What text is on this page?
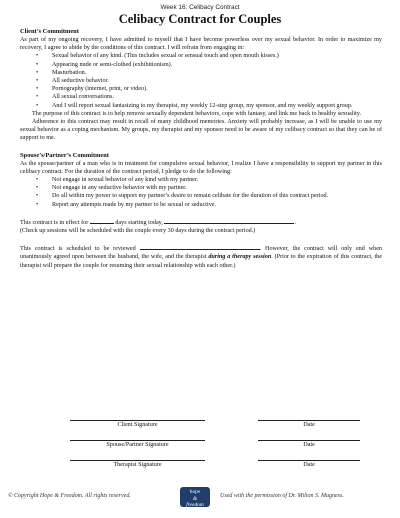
Week 16: Celibacy Contract
Celibacy Contract for Couples
Client’s Commitment

As part of my ongoing recovery, I have admitted to myself that I have become powerless over my sexual behavior. In order to maximize my recovery, I agree to abide by the conditions of this contract. I will refrain from engaging in:

• Sexual behavior of any kind. (This includes sexual or sensual touch and open mouth kisses.)
• Appearing nude or semi-clothed (exhibitionism).
• Masturbation.
• All seductive behavior.
• Pornography (internet, print, or video).
• All sexual conversations.
• And I will report sexual fantasizing to my therapist, my weekly 12-step group, my sponsor, and my weekly support group.

The purpose of this contract is to help remove sexually dependent behaviors, cope with fantasy, and link me back to healthy sexuality.

Adherence to this contract may result in recall of many childhood memories. Anxiety will probably increase, as I will be unable to use my sexual behavior as a coping mechanism. My groups, my therapist and my sponsor need to be aware of my celibacy contract so that they can be of support to me.

Spouse’s/Partner’s Commitment

As the spouse/partner of a man who is in treatment for compulsive sexual behavior, I realize I have a responsibility to support my partner in this celibacy contract. For the duration of the contract period, I pledge to do the following:

• Not engage in sexual behavior of any kind with my partner.
• Not engage in any seductive behavior with my partner.
• Do all within my power to support my partner’s desire to remain celibate for the duration of this contract period.
• Report any attempts made by my partner to be sexual or seductive.

This contract is in effect for	days starting today,	.

(Check up sessions will be scheduled with the couple every 30 days during the contract period.)

This contract is scheduled to be reviewed	. However, the contract will only end when unanimously agreed upon between the husband, the wife, and the therapist during a therapy session. (Prior to the expiration of this contract, the therapist will prepare the couple for resuming their sexual relationship with each other.)

Client Signature	Date
Spouse/Partner Signature	Date
Therapist Signature	Date
© Copyright Hope & Freedom. All rights reserved.
hope
&
freedom
Used with the permission of Dr. Milton S. Magness.
